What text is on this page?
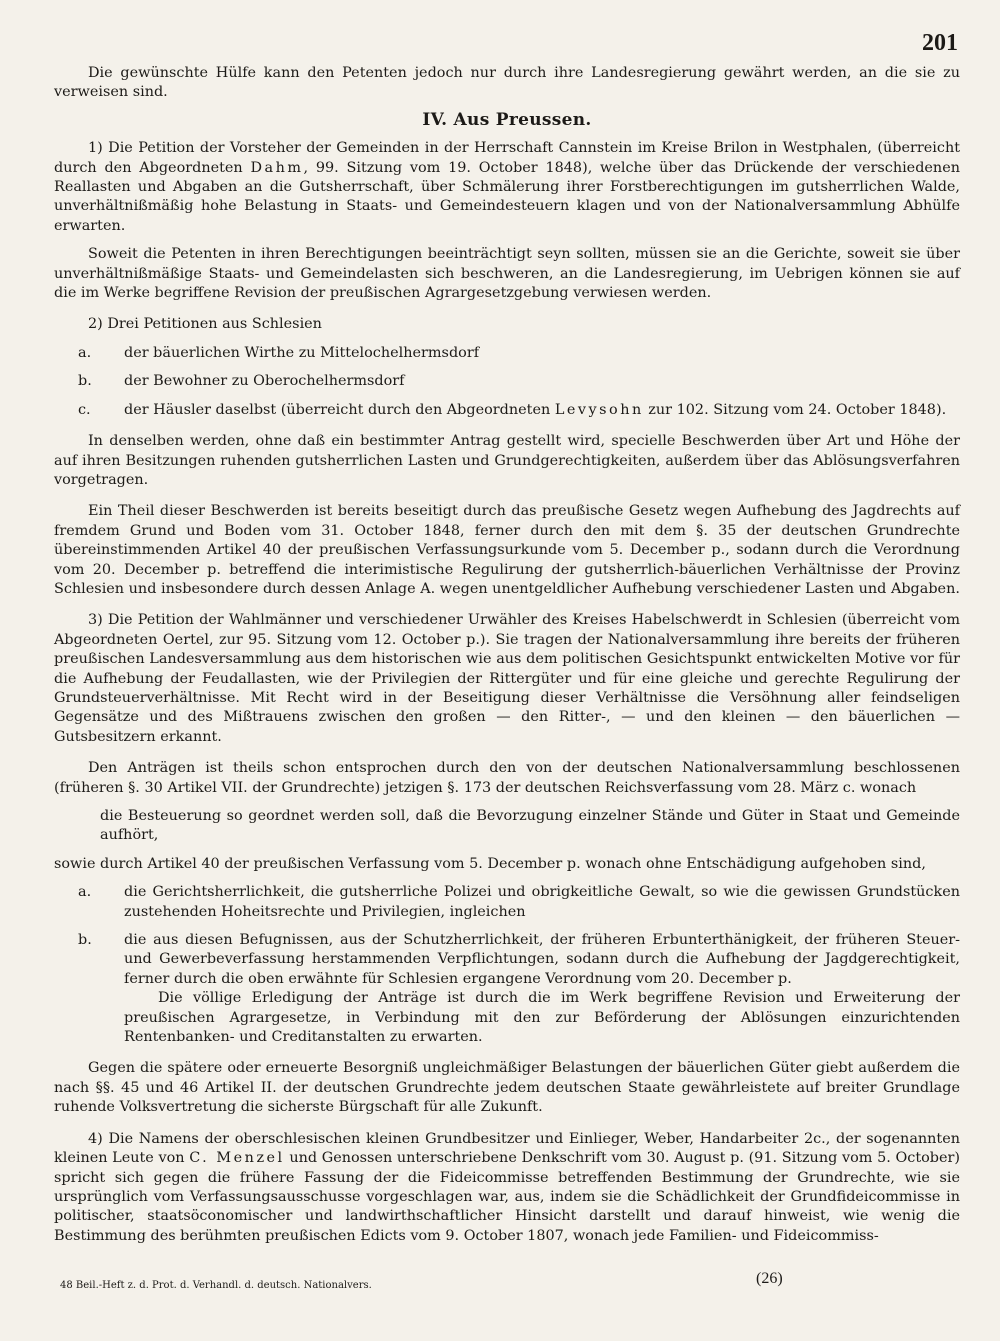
201

Die gewünschte Hülfe kann den Petenten jedoch nur durch ihre Landesregierung gewährt werden, an die sie zu verweisen sind.

IV. Aus Preussen.

1) Die Petition der Vorsteher der Gemeinden in der Herrschaft Cannstein im Kreise Brilon in Westphalen, (überreicht durch den Abgeordneten Dahm, 99. Sitzung vom 19. October 1848), welche über das Drückende der verschiedenen Reallasten und Abgaben an die Gutsherrschaft, über Schmälerung ihrer Forstberechtigungen im gutsherrlichen Walde, unverhältnißmäßig hohe Belastung in Staats- und Gemeindesteuern klagen und von der Nationalversammlung Abhülfe erwarten.

Soweit die Petenten in ihren Berechtigungen beeinträchtigt seyn sollten, müssen sie an die Gerichte, soweit sie über unverhältnißmäßige Staats- und Gemeindelasten sich beschweren, an die Landesregierung, im Uebrigen können sie auf die im Werke begriffene Revision der preußischen Agrargesetzgebung verwiesen werden.

2) Drei Petitionen aus Schlesien

a.	der bäuerlichen Wirthe zu Mittelochelhermsdorf
b.	der Bewohner zu Oberochelhermsdorf
c.	der Häusler daselbst (überreicht durch den Abgeordneten Levysohn zur 102. Sitzung vom 24. October 1848).

In denselben werden, ohne daß ein bestimmter Antrag gestellt wird, specielle Beschwerden über Art und Höhe der auf ihren Besitzungen ruhenden gutsherrlichen Lasten und Grundgerechtigkeiten, außerdem über das Ablösungsverfahren vorgetragen.

Ein Theil dieser Beschwerden ist bereits beseitigt durch das preußische Gesetz wegen Aufhebung des Jagdrechts auf fremdem Grund und Boden vom 31. October 1848, ferner durch den mit dem §. 35 der deutschen Grundrechte übereinstimmenden Artikel 40 der preußischen Verfassungsurkunde vom 5. December p., sodann durch die Verordnung vom 20. December p. betreffend die interimistische Regulirung der gutsherrlich-bäuerlichen Verhältnisse der Provinz Schlesien und insbesondere durch dessen Anlage A. wegen unentgeldlicher Aufhebung verschiedener Lasten und Abgaben.

3) Die Petition der Wahlmänner und verschiedener Urwähler des Kreises Habelschwerdt in Schlesien (überreicht vom Abgeordneten Oertel, zur 95. Sitzung vom 12. October p.). Sie tragen der Nationalversammlung ihre bereits der früheren preußischen Landesversammlung aus dem historischen wie aus dem politischen Gesichtspunkt entwickelten Motive vor für die Aufhebung der Feudallasten, wie der Privilegien der Rittergüter und für eine gleiche und gerechte Regulirung der Grundsteuerverhältnisse. Mit Recht wird in der Beseitigung dieser Verhältnisse die Versöhnung aller feindseligen Gegensätze und des Mißtrauens zwischen den großen — den Ritter-, — und den kleinen — den bäuerlichen — Gutsbesitzern erkannt.

Den Anträgen ist theils schon entsprochen durch den von der deutschen Nationalversammlung beschlossenen (früheren §. 30 Artikel VII. der Grundrechte) jetzigen §. 173 der deutschen Reichsverfassung vom 28. März c. wonach

die Besteuerung so geordnet werden soll, daß die Bevorzugung einzelner Stände und Güter in Staat und Gemeinde aufhört,

sowie durch Artikel 40 der preußischen Verfassung vom 5. December p. wonach ohne Entschädigung aufgehoben sind,

a.	die Gerichtsherrlichkeit, die gutsherrliche Polizei und obrigkeitliche Gewalt, so wie die gewissen Grundstücken zustehenden Hoheitsrechte und Privilegien, ingleichen
b.	die aus diesen Befugnissen, aus der Schutzherrlichkeit, der früheren Erbunterthänigkeit, der früheren Steuer- und Gewerbeverfassung herstammenden Verpflichtungen, sodann durch die Aufhebung der Jagdgerechtigkeit, ferner durch die oben erwähnte für Schlesien ergangene Verordnung vom 20. December p.

Die völlige Erledigung der Anträge ist durch die im Werk begriffene Revision und Erweiterung der preußischen Agrargesetze, in Verbindung mit den zur Beförderung der Ablösungen einzurichtenden Rentenbanken- und Creditanstalten zu erwarten.

Gegen die spätere oder erneuerte Besorgniß ungleichmäßiger Belastungen der bäuerlichen Güter giebt außerdem die nach §§. 45 und 46 Artikel II. der deutschen Grundrechte jedem deutschen Staate gewährleistete auf breiter Grundlage ruhende Volksvertretung die sicherste Bürgschaft für alle Zukunft.

4) Die Namens der oberschlesischen kleinen Grundbesitzer und Einlieger, Weber, Handarbeiter 2c., der sogenannten kleinen Leute von C. Menzel und Genossen unterschriebene Denkschrift vom 30. August p. (91. Sitzung vom 5. October) spricht sich gegen die frühere Fassung der die Fideicommisse betreffenden Bestimmung der Grundrechte, wie sie ursprünglich vom Verfassungsausschusse vorgeschlagen war, aus, indem sie die Schädlichkeit der Grundfideicommisse in politischer, staatsöconomischer und landwirthschaftlicher Hinsicht darstellt und darauf hinweist, wie wenig die Bestimmung des berühmten preußischen Edicts vom 9. October 1807, wonach jede Familien- und Fideicommiss-

48 Beil.-Heft z. d. Prot. d. Verhandl. d. deutsch. Nationalvers.	(26)
